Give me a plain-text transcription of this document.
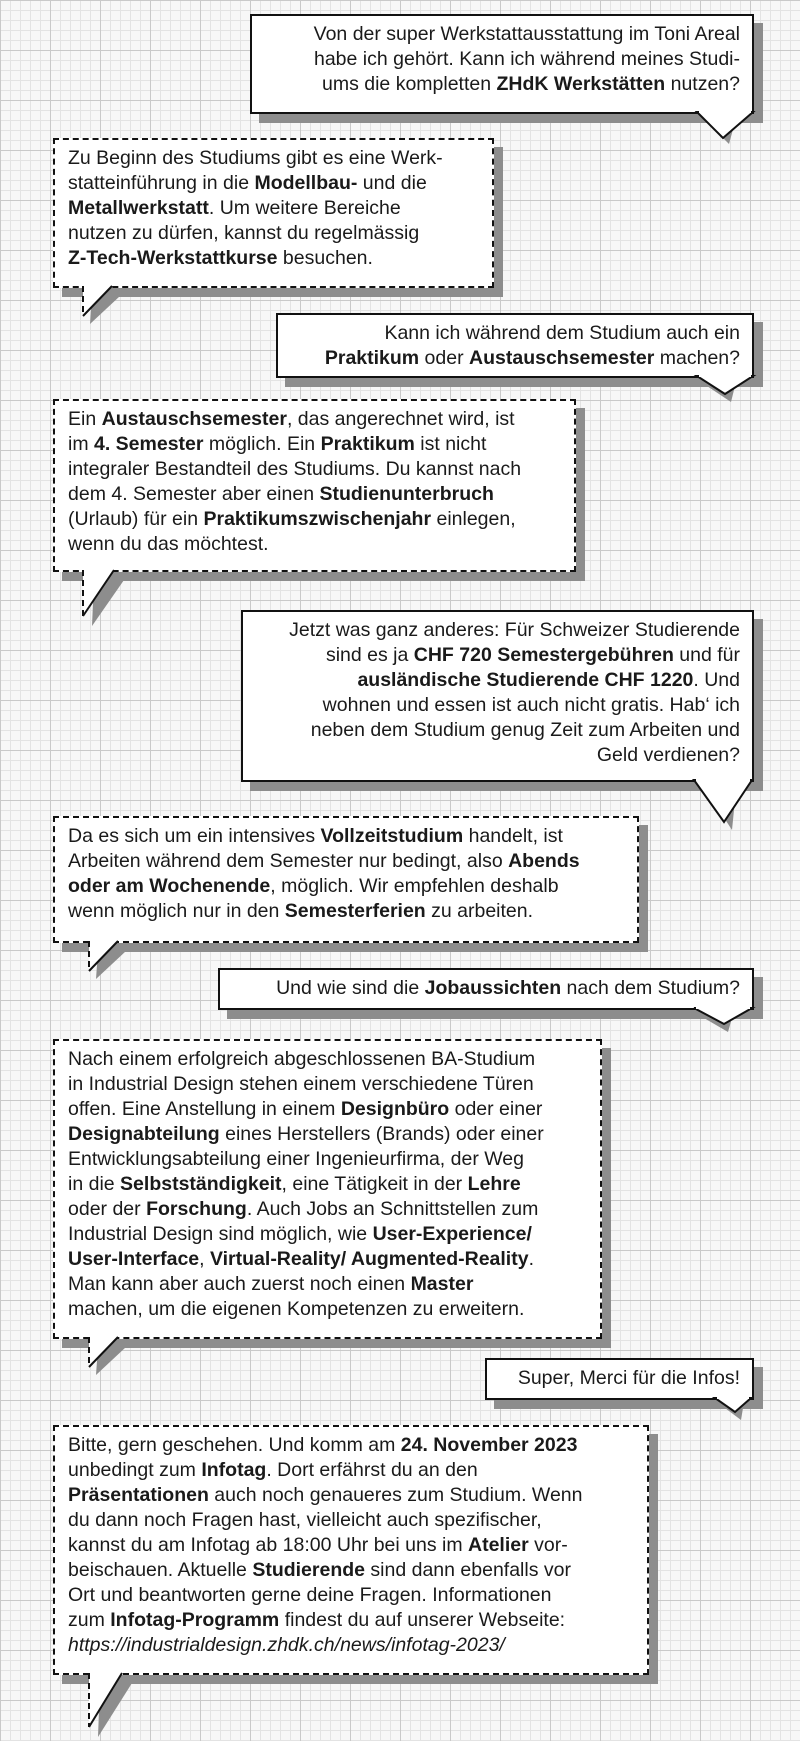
Von der super Werkstattausstattung im Toni Areal
habe ich gehört. Kann ich während meines Studi-
ums die kompletten ZHdK Werkstätten nutzen?
Zu Beginn des Studiums gibt es eine Werk-
statteinführung in die Modellbau- und die
Metallwerkstatt. Um weitere Bereiche
nutzen zu dürfen, kannst du regelmässig
Z-Tech-Werkstattkurse besuchen.
Kann ich während dem Studium auch ein
Praktikum oder Austauschsemester machen?
Ein Austauschsemester, das angerechnet wird, ist
im 4. Semester möglich. Ein Praktikum ist nicht
integraler Bestandteil des Studiums. Du kannst nach
dem 4. Semester aber einen Studienunterbruch
(Urlaub) für ein Praktikumszwischenjahr einlegen,
wenn du das möchtest.
Jetzt was ganz anderes: Für Schweizer Studierende
sind es ja CHF 720 Semestergebühren und für
ausländische Studierende CHF 1220. Und
wohnen und essen ist auch nicht gratis. Hab‘ ich
neben dem Studium genug Zeit zum Arbeiten und
Geld verdienen?
Da es sich um ein intensives Vollzeitstudium handelt, ist
Arbeiten während dem Semester nur bedingt, also Abends
oder am Wochenende, möglich. Wir empfehlen deshalb
wenn möglich nur in den Semesterferien zu arbeiten.
Und wie sind die Jobaussichten nach dem Studium?
Nach einem erfolgreich abgeschlossenen BA-Studium
in Industrial Design stehen einem verschiedene Türen
offen. Eine Anstellung in einem Designbüro oder einer
Designabteilung eines Herstellers (Brands) oder einer
Entwicklungsabteilung einer Ingenieurfirma, der Weg
in die Selbstständigkeit, eine Tätigkeit in der Lehre
oder der Forschung. Auch Jobs an Schnittstellen zum
Industrial Design sind möglich, wie User-Experience/
User-Interface, Virtual-Reality/ Augmented-Reality.
Man kann aber auch zuerst noch einen Master
machen, um die eigenen Kompetenzen zu erweitern.
Super, Merci für die Infos!
Bitte, gern geschehen. Und komm am 24. November 2023
unbedingt zum Infotag. Dort erfährst du an den
Präsentationen auch noch genaueres zum Studium. Wenn
du dann noch Fragen hast, vielleicht auch spezifischer,
kannst du am Infotag ab 18:00 Uhr bei uns im Atelier vor-
beischauen. Aktuelle Studierende sind dann ebenfalls vor
Ort und beantworten gerne deine Fragen. Informationen
zum Infotag-Programm findest du auf unserer Webseite:
https://industrialdesign.zhdk.ch/news/infotag-2023/
